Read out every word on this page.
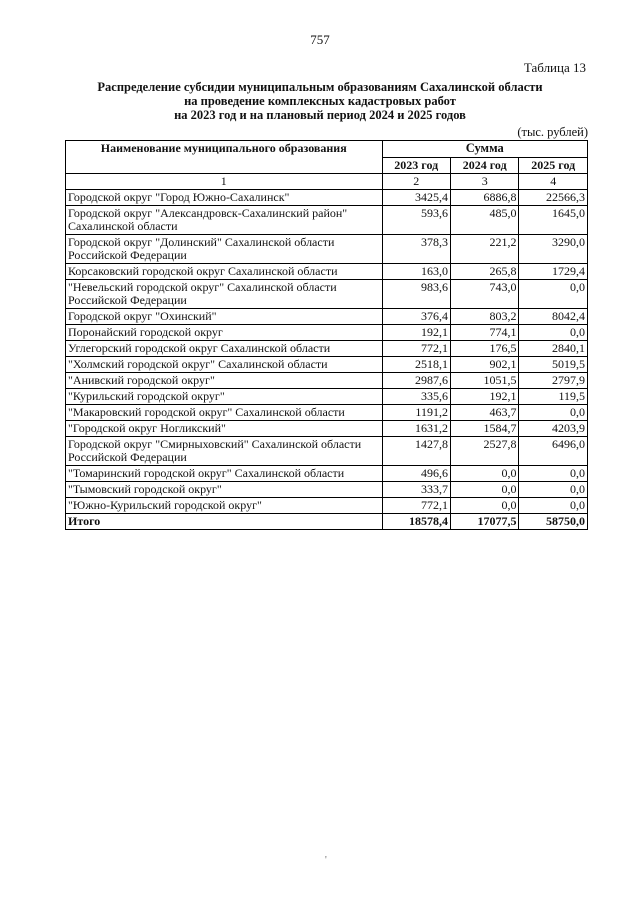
757
Таблица 13
Распределение субсидии муниципальным образованиям Сахалинской области
на проведение комплексных кадастровых работ
на 2023 год и на плановый период 2024 и 2025 годов
(тыс. рублей)
Наименование муниципального образования	Сумма		
	2023 год	2024 год	2025 год
1	2	3	4
Городской округ "Город Южно-Сахалинск"	3425,4	6886,8	22566,3
Городской округ "Александровск-Сахалинский район" Сахалинской области	593,6	485,0	1645,0
Городской округ "Долинский" Сахалинской области Российской Федерации	378,3	221,2	3290,0
Корсаковский городской округ Сахалинской области	163,0	265,8	1729,4
"Невельский городской округ" Сахалинской области Российской Федерации	983,6	743,0	0,0
Городской округ "Охинский"	376,4	803,2	8042,4
Поронайский городской округ	192,1	774,1	0,0
Углегорский городской округ Сахалинской области	772,1	176,5	2840,1
"Холмский городской округ" Сахалинской области	2518,1	902,1	5019,5
"Анивский городской округ"	2987,6	1051,5	2797,9
"Курильский городской округ"	335,6	192,1	119,5
"Макаровский городской округ" Сахалинской области	1191,2	463,7	0,0
"Городской округ Ногликский"	1631,2	1584,7	4203,9
Городской округ "Смирныховский" Сахалинской области Российской Федерации	1427,8	2527,8	6496,0
"Томаринский городской округ" Сахалинской области	496,6	0,0	0,0
"Тымовский городской округ"	333,7	0,0	0,0
"Южно-Курильский городской округ"	772,1	0,0	0,0
Итого	18578,4	17077,5	58750,0
'
